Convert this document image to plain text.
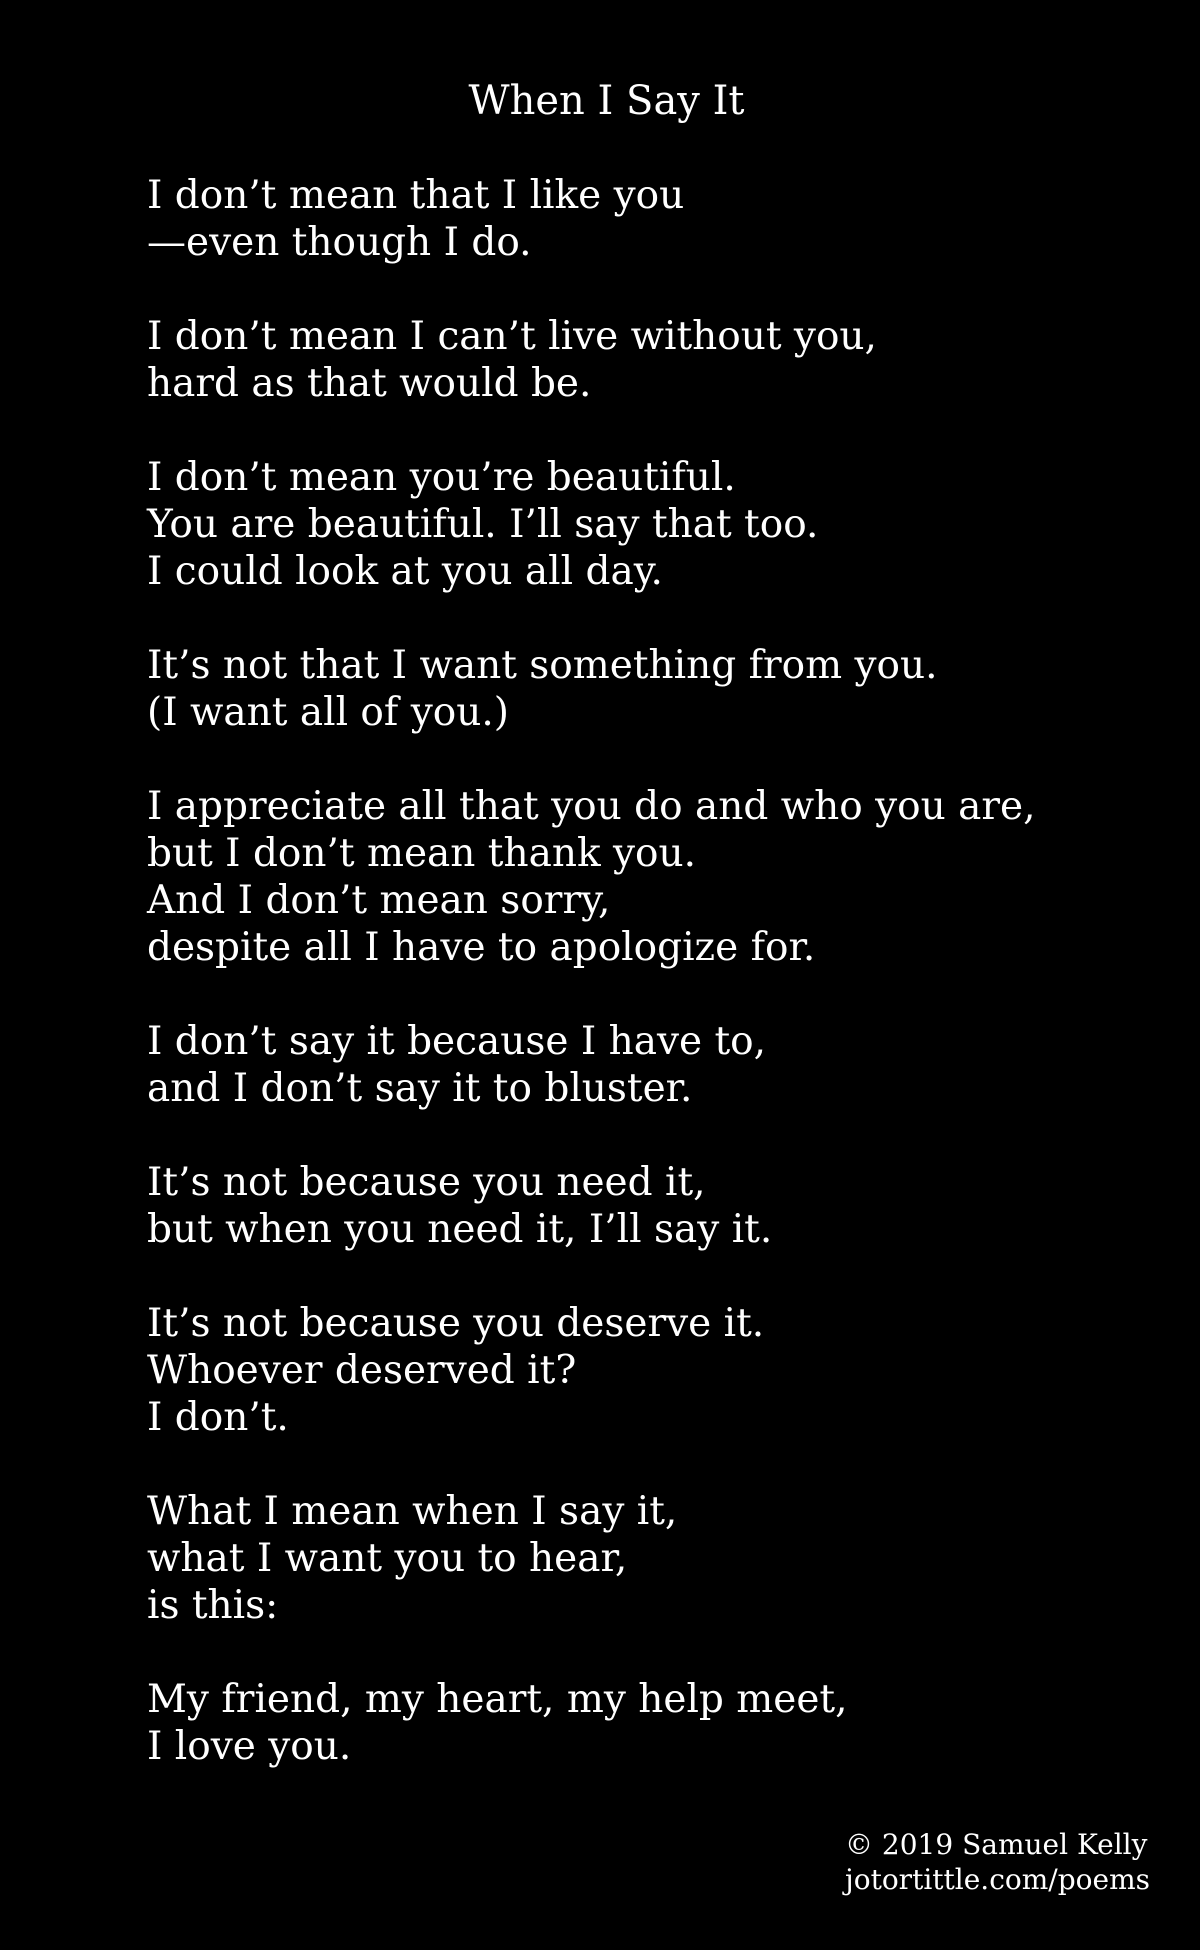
When I Say It
I don’t mean that I like you
—even though I do.
I don’t mean I can’t live without you,
hard as that would be.
I don’t mean you’re beautiful.
You are beautiful. I’ll say that too.
I could look at you all day.
It’s not that I want something from you.
(I want all of you.)
I appreciate all that you do and who you are,
but I don’t mean thank you.
And I don’t mean sorry,
despite all I have to apologize for.
I don’t say it because I have to,
and I don’t say it to bluster.
It’s not because you need it,
but when you need it, I’ll say it.
It’s not because you deserve it.
Whoever deserved it?
I don’t.
What I mean when I say it,
what I want you to hear,
is this:
My friend, my heart, my help meet,
I love you.
© 2019 Samuel Kelly
jotortittle.com/poems
